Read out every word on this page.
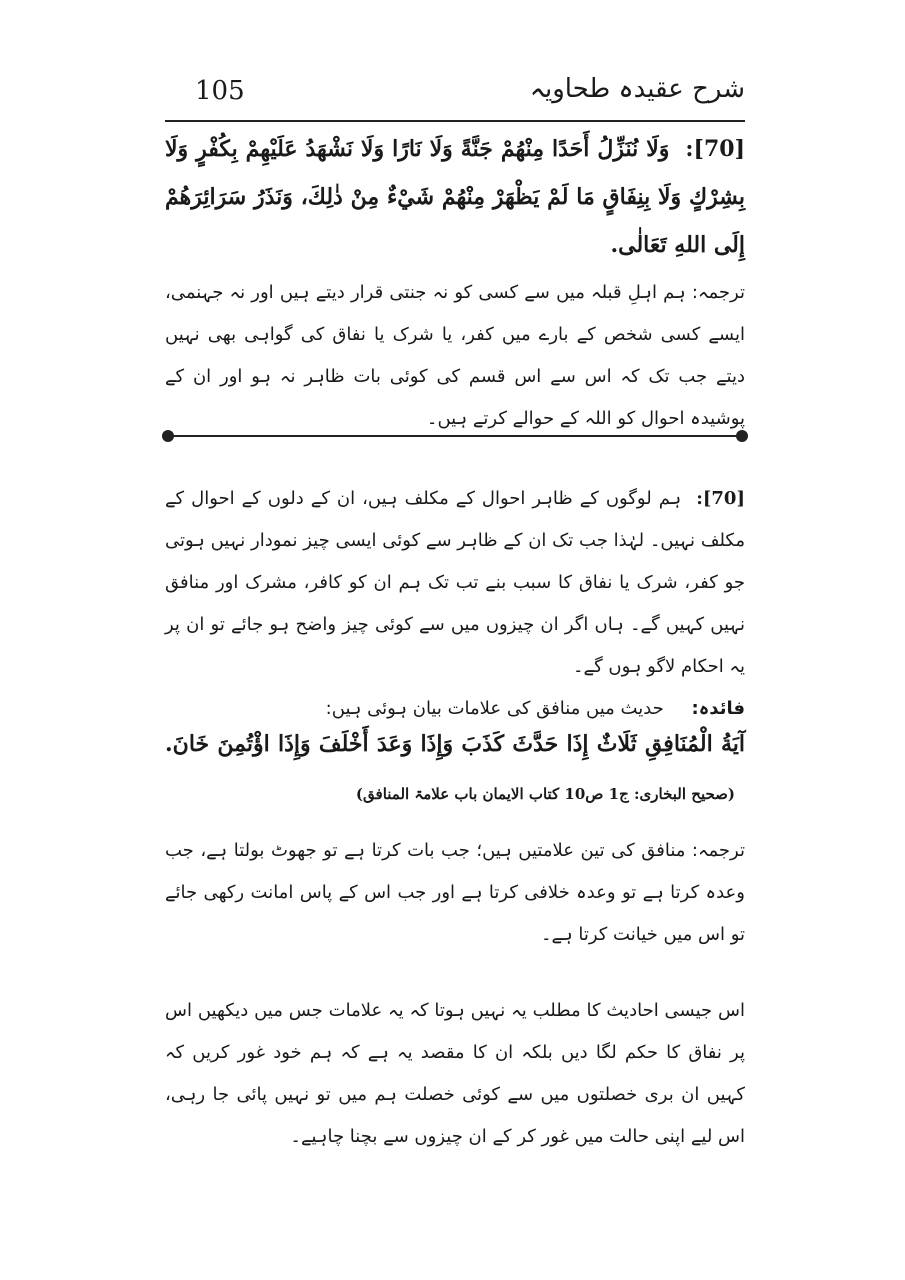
105	شرح عقیدہ طحاویہ
[70]: وَلَا نُنَزِّلُ أَحَدًا مِنْهُمْ جَنَّةً وَلَا نَارًا وَلَا نَشْهَدُ عَلَيْهِمْ بِكُفْرٍ وَلَا بِشِرْكٍ وَلَا بِنِفَاقٍ مَا لَمْ يَظْهَرْ مِنْهُمْ شَيْءٌ مِنْ ذٰلِكَ، وَنَذَرُ سَرَائِرَهُمْ إِلَى اللهِ تَعَالٰى.
ترجمہ: ہم اہلِ قبلہ میں سے کسی کو نہ جنتی قرار دیتے ہیں اور نہ جہنمی، ایسے کسی شخص کے بارے میں کفر، یا شرک یا نفاق کی گواہی بھی نہیں دیتے جب تک کہ اس سے اس قسم کی کوئی بات ظاہر نہ ہو اور ان کے پوشیدہ احوال کو اللہ کے حوالے کرتے ہیں۔
[70]: ہم لوگوں کے ظاہر احوال کے مکلف ہیں، ان کے دلوں کے احوال کے مکلف نہیں۔ لہٰذا جب تک ان کے ظاہر سے کوئی ایسی چیز نمودار نہیں ہوتی جو کفر، شرک یا نفاق کا سبب بنے تب تک ہم ان کو کافر، مشرک اور منافق نہیں کہیں گے۔ ہاں اگر ان چیزوں میں سے کوئی چیز واضح ہو جائے تو ان پر یہ احکام لاگو ہوں گے۔
فائدہ: حدیث میں منافق کی علامات بیان ہوئی ہیں:
آيَةُ الْمُنَافِقِ ثَلَاثٌ إِذَا حَدَّثَ كَذَبَ وَإِذَا وَعَدَ أَخْلَفَ وَإِذَا اؤْتُمِنَ خَانَ. (صحیح البخاری: ج1 ص10 کتاب الایمان باب علامۃ المنافق)
ترجمہ: منافق کی تین علامتیں ہیں؛ جب بات کرتا ہے تو جھوٹ بولتا ہے، جب وعدہ کرتا ہے تو وعدہ خلافی کرتا ہے اور جب اس کے پاس امانت رکھی جائے تو اس میں خیانت کرتا ہے۔
اس جیسی احادیث کا مطلب یہ نہیں ہوتا کہ یہ علامات جس میں دیکھیں اس پر نفاق کا حکم لگا دیں بلکہ ان کا مقصد یہ ہے کہ ہم خود غور کریں کہ کہیں ان بری خصلتوں میں سے کوئی خصلت ہم میں تو نہیں پائی جا رہی، اس لیے اپنی حالت میں غور کر کے ان چیزوں سے بچنا چاہیے۔
